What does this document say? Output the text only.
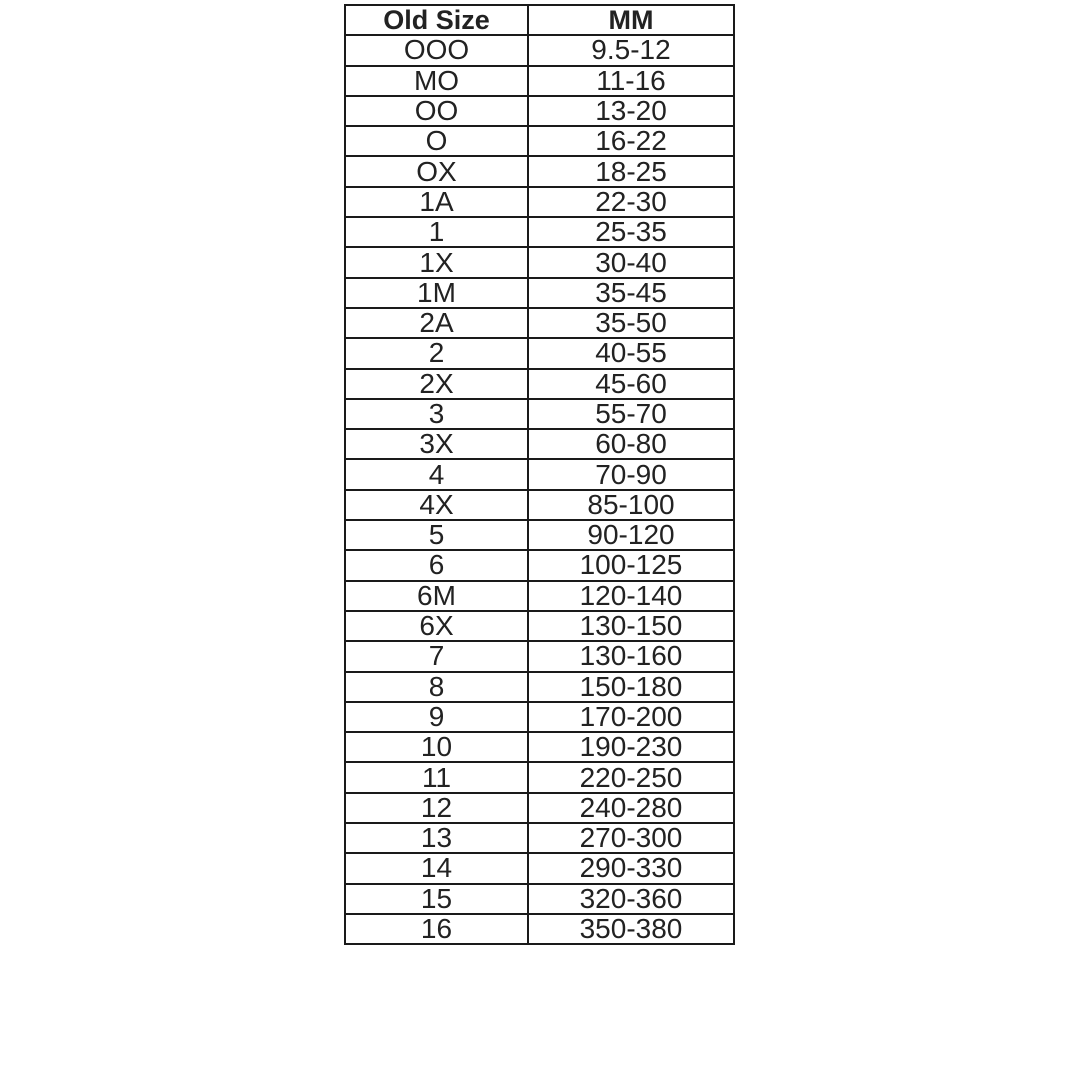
Old Size	MM
OOO	9.5-12
MO	11-16
OO	13-20
O	16-22
OX	18-25
1A	22-30
1	25-35
1X	30-40
1M	35-45
2A	35-50
2	40-55
2X	45-60
3	55-70
3X	60-80
4	70-90
4X	85-100
5	90-120
6	100-125
6M	120-140
6X	130-150
7	130-160
8	150-180
9	170-200
10	190-230
11	220-250
12	240-280
13	270-300
14	290-330
15	320-360
16	350-380
